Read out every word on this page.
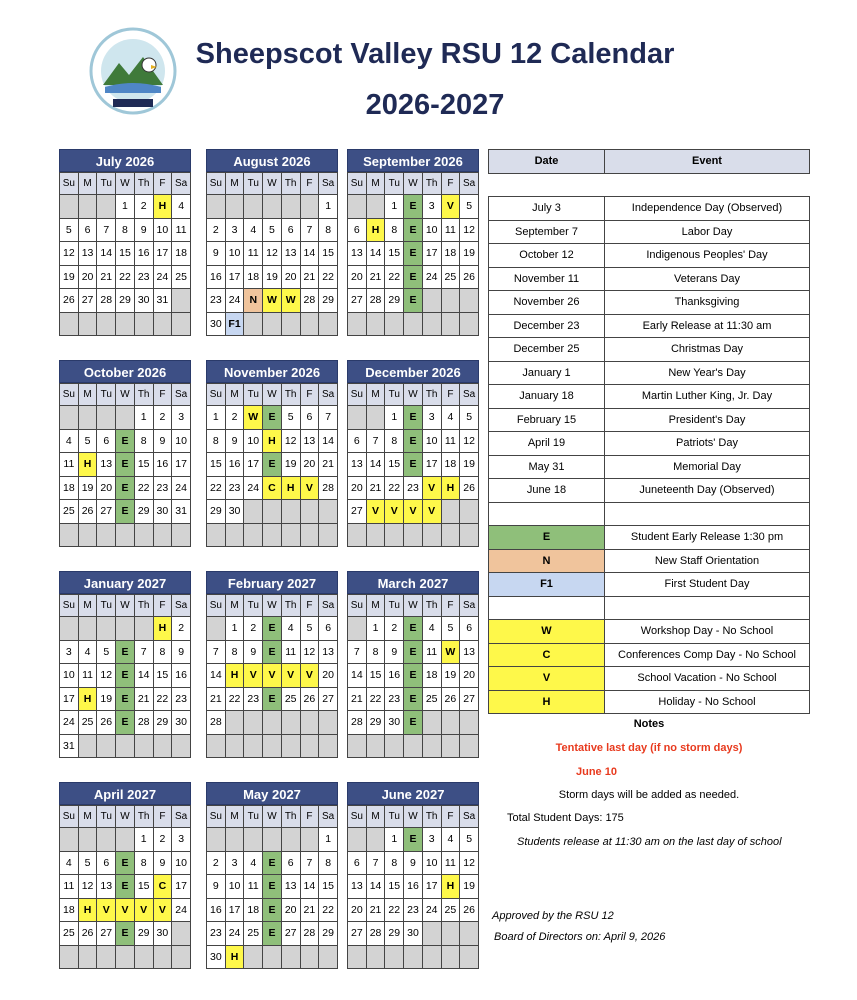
Sheepscot Valley RSU 12 Calendar
2026-2027
July 2026
Su	M	Tu	W	Th	F	Sa
			1	2	H	4
5	6	7	8	9	10	11
12	13	14	15	16	17	18
19	20	21	22	23	24	25
26	27	28	29	30	31	

August 2026
Su	M	Tu	W	Th	F	Sa
						1
2	3	4	5	6	7	8
9	10	11	12	13	14	15
16	17	18	19	20	21	22
23	24	N	W	W	28	29
30	F1					
September 2026
Su	M	Tu	W	Th	F	Sa
		1	E	3	V	5
6	H	8	E	10	11	12
13	14	15	E	17	18	19
20	21	22	E	24	25	26
27	28	29	E			

October 2026
Su	M	Tu	W	Th	F	Sa
				1	2	3
4	5	6	E	8	9	10
11	H	13	E	15	16	17
18	19	20	E	22	23	24
25	26	27	E	29	30	31

November 2026
Su	M	Tu	W	Th	F	Sa
1	2	W	E	5	6	7
8	9	10	H	12	13	14
15	16	17	E	19	20	21
22	23	24	C	H	V	28
29	30					

December 2026
Su	M	Tu	W	Th	F	Sa
		1	E	3	4	5
6	7	8	E	10	11	12
13	14	15	E	17	18	19
20	21	22	23	V	H	26
27	V	V	V	V		

January 2027
Su	M	Tu	W	Th	F	Sa
					H	2
3	4	5	E	7	8	9
10	11	12	E	14	15	16
17	H	19	E	21	22	23
24	25	26	E	28	29	30
31						
February 2027
Su	M	Tu	W	Th	F	Sa
	1	2	E	4	5	6
7	8	9	E	11	12	13
14	H	V	V	V	V	20
21	22	23	E	25	26	27
28						

March 2027
Su	M	Tu	W	Th	F	Sa
	1	2	E	4	5	6
7	8	9	E	11	W	13
14	15	16	E	18	19	20
21	22	23	E	25	26	27
28	29	30	E			

April 2027
Su	M	Tu	W	Th	F	Sa
				1	2	3
4	5	6	E	8	9	10
11	12	13	E	15	C	17
18	H	V	V	V	V	24
25	26	27	E	29	30	

May 2027
Su	M	Tu	W	Th	F	Sa
						1
2	3	4	E	6	7	8
9	10	11	E	13	14	15
16	17	18	E	20	21	22
23	24	25	E	27	28	29
30	H					
June 2027
Su	M	Tu	W	Th	F	Sa
		1	E	3	4	5
6	7	8	9	10	11	12
13	14	15	16	17	H	19
20	21	22	23	24	25	26
27	28	29	30			

Date	Event

July 3	Independence Day (Observed)
September 7	Labor Day
October 12	Indigenous Peoples' Day
November 11	Veterans Day
November 26	Thanksgiving
December 23	Early Release at 11:30 am
December 25	Christmas Day
January 1	New Year's Day
January 18	Martin Luther King, Jr. Day
February 15	President's Day
April 19	Patriots' Day
May 31	Memorial Day
June 18	Juneteenth Day (Observed)

E	Student Early Release 1:30 pm
N	New Staff Orientation
F1	First Student Day

W	Workshop Day - No School
C	Conferences Comp Day - No School
V	School Vacation - No School
H	Holiday - No School
Notes
Tentative last day (if no storm days)
June 10
Storm days will be added as needed.
Total Student Days: 175
Students release at 11:30 am on the last day of school
Approved by the RSU 12
Board of Directors on: April 9, 2026
